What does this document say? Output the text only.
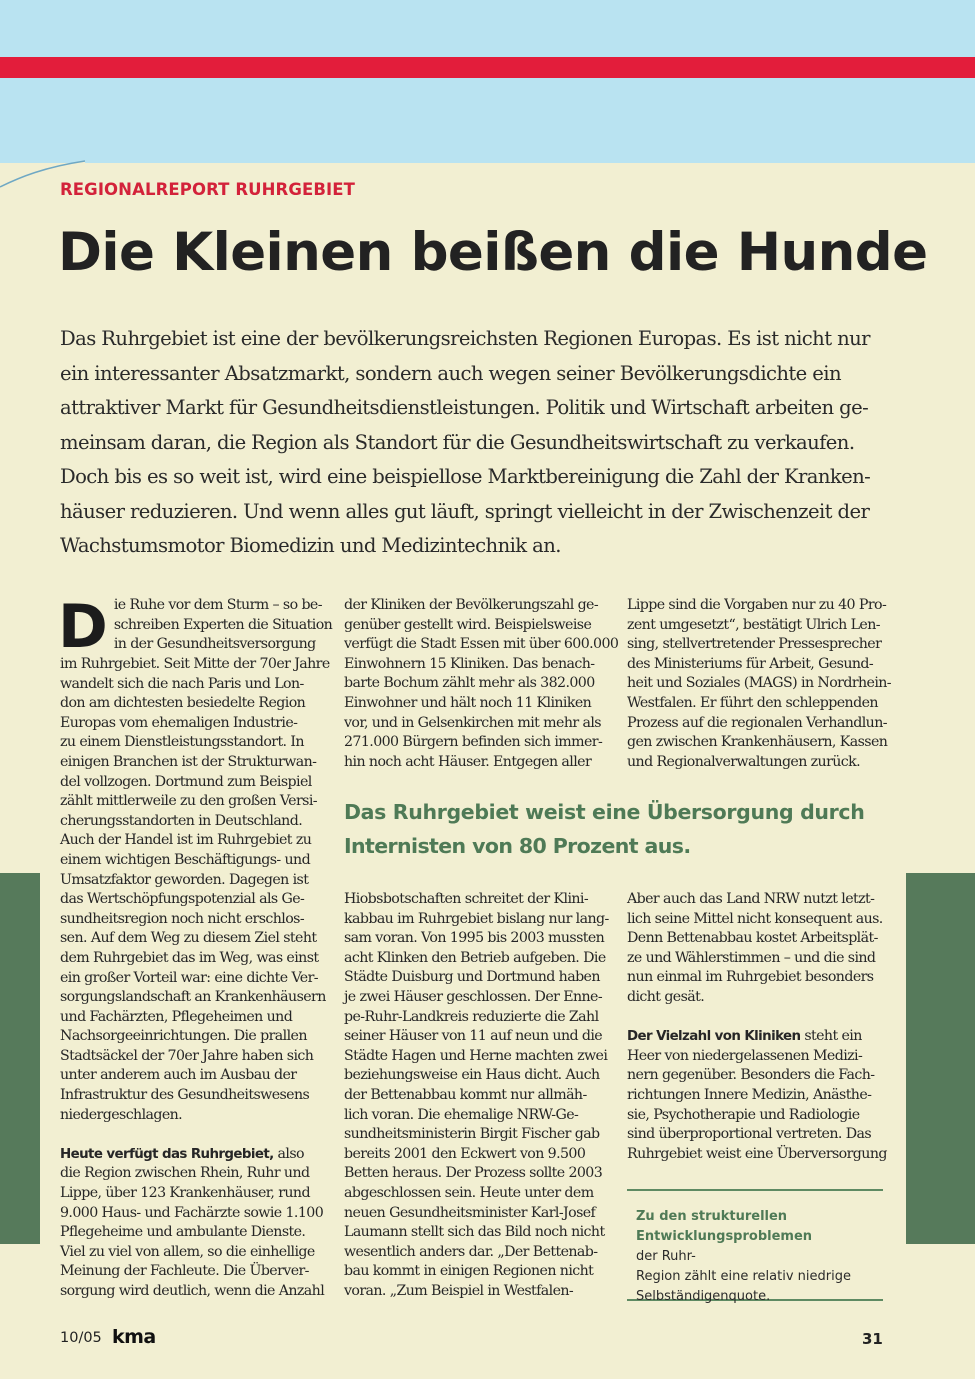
REGIONALREPORT RUHRGEBIET
Die Kleinen beißen die Hunde

Das Ruhrgebiet ist eine der bevölkerungsreichsten Regionen Europas. Es ist nicht nur
ein interessanter Absatzmarkt, sondern auch wegen seiner Bevölkerungsdichte ein
attraktiver Markt für Gesundheitsdienstleistungen. Politik und Wirtschaft arbeiten ge-
meinsam daran, die Region als Standort für die Gesundheitswirtschaft zu verkaufen.
Doch bis es so weit ist, wird eine beispiellose Marktbereinigung die Zahl der Kranken-
häuser reduzieren. Und wenn alles gut läuft, springt vielleicht in der Zwischenzeit der
Wachstumsmotor Biomedizin und Medizintechnik an.

D ie Ruhe vor dem Sturm – so be-
schreiben Experten die Situation
in der Gesundheitsversorgung
im Ruhrgebiet. Seit Mitte der 70er Jahre
wandelt sich die nach Paris und Lon-
don am dichtesten besiedelte Region
Europas vom ehemaligen Industrie-
zu einem Dienstleistungsstandort. In
einigen Branchen ist der Strukturwan-
del vollzogen. Dortmund zum Beispiel
zählt mittlerweile zu den großen Versi-
cherungsstandorten in Deutschland.
Auch der Handel ist im Ruhrgebiet zu
einem wichtigen Beschäftigungs- und
Umsatzfaktor geworden. Dagegen ist
das Wertschöpfungspotenzial als Ge-
sundheitsregion noch nicht erschlos-
sen. Auf dem Weg zu diesem Ziel steht
dem Ruhrgebiet das im Weg, was einst
ein großer Vorteil war: eine dichte Ver-
sorgungslandschaft an Krankenhäusern
und Fachärzten, Pflegeheimen und
Nachsorgeeinrichtungen. Die prallen
Stadtsäckel der 70er Jahre haben sich
unter anderem auch im Ausbau der
Infrastruktur des Gesundheitswesens
niedergeschlagen.
Heute verfügt das Ruhrgebiet, also
die Region zwischen Rhein, Ruhr und
Lippe, über 123 Krankenhäuser, rund
9.000 Haus- und Fachärzte sowie 1.100
Pflegeheime und ambulante Dienste.
Viel zu viel von allem, so die einhellige
Meinung der Fachleute. Die Überver-
sorgung wird deutlich, wenn die Anzahl
der Kliniken der Bevölkerungszahl ge-
genüber gestellt wird. Beispielsweise
verfügt die Stadt Essen mit über 600.000
Einwohnern 15 Kliniken. Das benach-
barte Bochum zählt mehr als 382.000
Einwohner und hält noch 11 Kliniken
vor, und in Gelsenkirchen mit mehr als
271.000 Bürgern befinden sich immer-
hin noch acht Häuser. Entgegen aller
Lippe sind die Vorgaben nur zu 40 Pro-
zent umgesetzt“, bestätigt Ulrich Len-
sing, stellvertretender Pressesprecher
des Ministeriums für Arbeit, Gesund-
heit und Soziales (MAGS) in Nordrhein-
Westfalen. Er führt den schleppenden
Prozess auf die regionalen Verhandlun-
gen zwischen Krankenhäusern, Kassen
und Regionalverwaltungen zurück.

Das Ruhrgebiet weist eine Übersorgung durch
Internisten von 80 Prozent aus.

Hiobsbotschaften schreitet der Klini-
kabbau im Ruhrgebiet bislang nur lang-
sam voran. Von 1995 bis 2003 mussten
acht Klinken den Betrieb aufgeben. Die
Städte Duisburg und Dortmund haben
je zwei Häuser geschlossen. Der Enne-
pe-Ruhr-Landkreis reduzierte die Zahl
seiner Häuser von 11 auf neun und die
Städte Hagen und Herne machten zwei
beziehungsweise ein Haus dicht. Auch
der Bettenabbau kommt nur allmäh-
lich voran. Die ehemalige NRW-Ge-
sundheitsministerin Birgit Fischer gab
bereits 2001 den Eckwert von 9.500
Betten heraus. Der Prozess sollte 2003
abgeschlossen sein. Heute unter dem
neuen Gesundheitsminister Karl-Josef
Laumann stellt sich das Bild noch nicht
wesentlich anders dar. „Der Bettenab-
bau kommt in einigen Regionen nicht
voran. „Zum Beispiel in Westfalen-
Aber auch das Land NRW nutzt letzt-
lich seine Mittel nicht konsequent aus.
Denn Bettenabbau kostet Arbeitsplät-
ze und Wählerstimmen – und die sind
nun einmal im Ruhrgebiet besonders
dicht gesät.
Der Vielzahl von Kliniken steht ein
Heer von niedergelassenen Medizi-
nern gegenüber. Besonders die Fach-
richtungen Innere Medizin, Anästhe-
sie, Psychotherapie und Radiologie
sind überproportional vertreten. Das
Ruhrgebiet weist eine Überversorgung

Zu den strukturellen
Entwicklungsproblemen
der Ruhr-
Region zählt eine relativ niedrige
Selbständigenquote.

10/05 kma	31
